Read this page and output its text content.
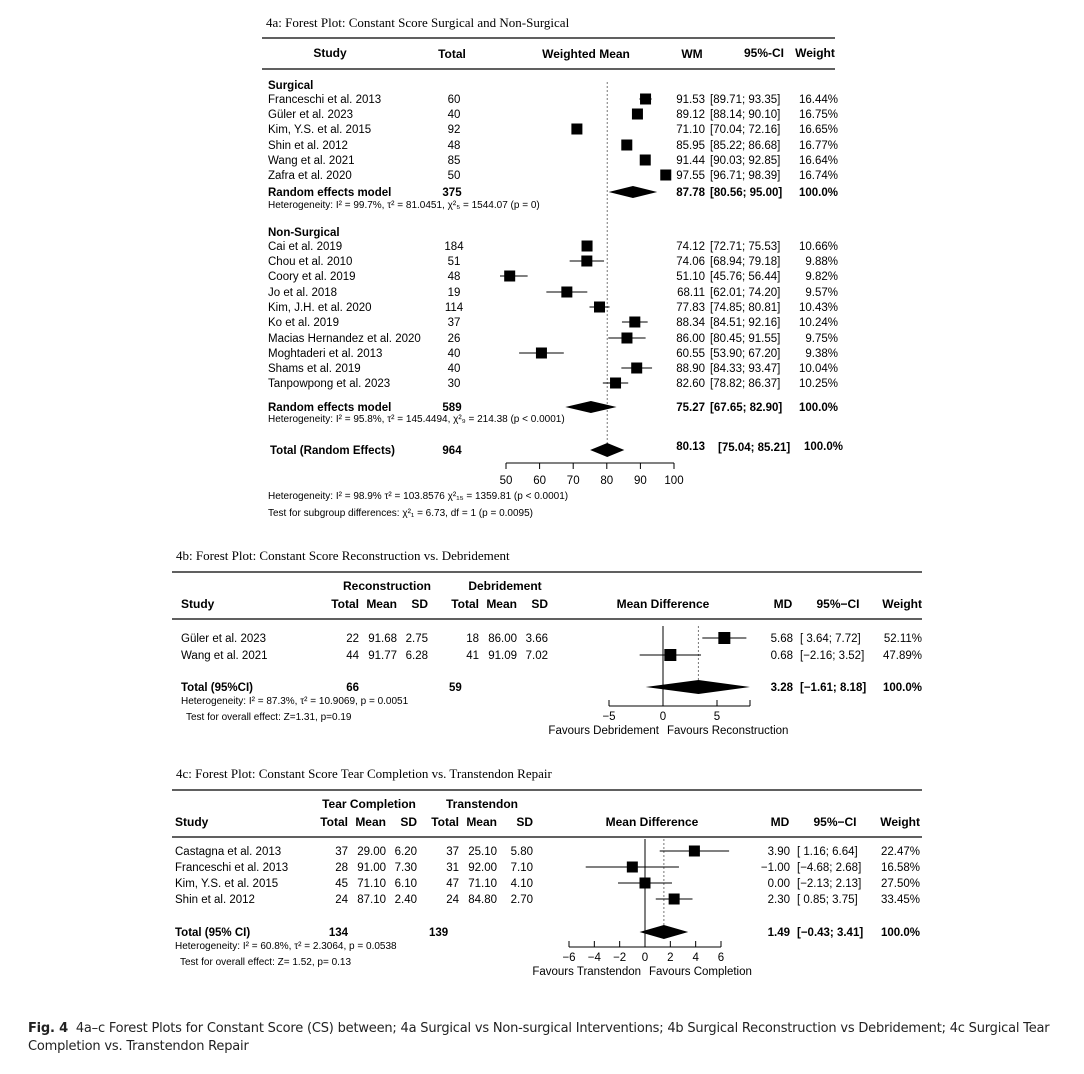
4a: Forest Plot: Constant Score Surgical and Non-Surgical
Study	Total	Weighted Mean	WM	95%-CI Weight
Surgical
Franceschi et al. 2013	60	91.53 [89.71; 93.35] 16.44%
Güler et al. 2023	40	89.12 [88.14; 90.10] 16.75%
Kim, Y.S. et al. 2015	92	71.10 [70.04; 72.16] 16.65%
Shin et al. 2012	48	85.95 [85.22; 86.68] 16.77%
Wang et al. 2021	85	91.44 [90.03; 92.85] 16.64%
Zafra et al. 2020	50	97.55 [96.71; 98.39] 16.74%
Random effects model	375	87.78 [80.56; 95.00] 100.0%
Heterogeneity: I² = 99.7%, τ² = 81.0451, χ²₅ = 1544.07 (p = 0)
Non-Surgical
Cai et al. 2019	184	74.12 [72.71; 75.53] 10.66%
Chou et al. 2010	51	74.06 [68.94; 79.18] 9.88%
Coory et al. 2019	48	51.10 [45.76; 56.44] 9.82%
Jo et al. 2018	19	68.11 [62.01; 74.20] 9.57%
Kim, J.H. et al. 2020	114	77.83 [74.85; 80.81] 10.43%
Ko et al. 2019	37	88.34 [84.51; 92.16] 10.24%
Macias Hernandez et al. 2020 26	86.00 [80.45; 91.55] 9.75%
Moghtaderi et al. 2013	40	60.55 [53.90; 67.20] 9.38%
Shams et al. 2019	40	88.90 [84.33; 93.47] 10.04%
Tanpowpong et al. 2023	30	82.60 [78.82; 86.37] 10.25%
Random effects model	589	75.27 [67.65; 82.90] 100.0%
Heterogeneity: I² = 95.8%, τ² = 145.4494, χ²₉ = 214.38 (p < 0.0001)
Total (Random Effects)	964	80.13 [75.04; 85.21] 100.0%
50 60 70 80 90 100
Heterogeneity: I² = 98.9% τ² = 103.8576 χ²₁₅ = 1359.81 (p < 0.0001)
Test for subgroup differences: χ²₁ = 6.73, df = 1 (p = 0.0095)
4b: Forest Plot: Constant Score Reconstruction vs. Debridement
Reconstruction	Debridement
Study	Total Mean SD Total Mean SD	Mean Difference	MD 95%−CI Weight
Güler et al. 2023	22 91.68 2.75	18 86.00 3.66	5.68 [ 3.64; 7.72] 52.11%
Wang et al. 2021	44 91.77 6.28	41 91.09 7.02	0.68 [−2.16; 3.52] 47.89%
Total (95%CI)	66	59	3.28 [−1.61; 8.18] 100.0%
Heterogeneity: I² = 87.3%, τ² = 10.9069, p = 0.0051
Test for overall effect: Z=1.31, p=0.19	−5	0	5
Favours Debridement Favours Reconstruction
4c: Forest Plot: Constant Score Tear Completion vs. Transtendon Repair
Tear Completion	Transtendon
Study	Total Mean SD Total Mean SD	Mean Difference	MD 95%−CI Weight
Castagna et al. 2013	37 29.00 6.20	37 25.10 5.80	3.90 [ 1.16; 6.64] 22.47%
Franceschi et al. 2013	28 91.00 7.30	31 92.00 7.10	−1.00 [−4.68; 2.68] 16.58%
Kim, Y.S. et al. 2015	45 71.10 6.10	47 71.10 4.10	0.00 [−2.13; 2.13] 27.50%
Shin et al. 2012	24 87.10 2.40	24 84.80 2.70	2.30 [ 0.85; 3.75] 33.45%
Total (95% CI)	134	139	1.49 [−0.43; 3.41] 100.0%
Heterogeneity: I² = 60.8%, τ² = 2.3064, p = 0.0538
Test for overall effect: Z= 1.52, p= 0.13	−6 −4 −2 0 2 4 6
Favours Transtendon Favours Completion
Fig. 4 4a–c Forest Plots for Constant Score (CS) between; 4a Surgical vs Non-surgical Interventions; 4b Surgical Reconstruction vs Debridement; 4c Surgical Tear Completion vs. Transtendon Repair
